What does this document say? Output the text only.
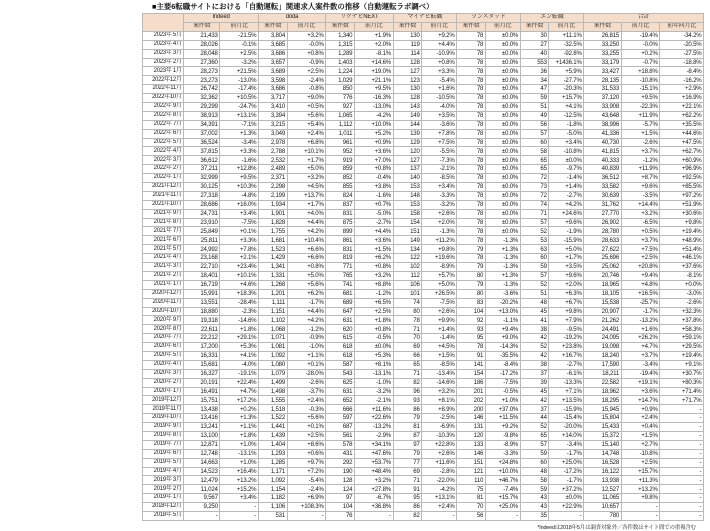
■主要6転職サイトにおける「自動運転」関連求人案件数の推移（自動運転ラボ調べ）
	Indeed		doda		リクナビNEXT		マイナビ転職		ランスタッド		エン転職		合計		
	案件数	前月比	案件数	前月比	案件数	前月比	案件数	前月比	案件数	前月比	案件数	前月比	案件数	前月比	前年同月比
2023年 5月	21,433	-21.5%	3,804	+3.2%	1,340	+1.9%	130	+9.2%	78	±0.0%	30	+11.1%	26,815	-19.4%	-34.2%
2023年 4月	28,026	-0.1%	3,685	-0.0%	1,315	+2.0%	119	+4.4%	78	±0.0%	27	-32.5%	33,250	-0.0%	-20.5%
2023年 3月	28,048	+2.5%	3,686	+0.8%	1,289	-8.1%	114	-10.9%	78	±0.0%	40	-92.8%	33,255	+0.2%	-27.5%
2023年 2月	27,360	-3.2%	3,657	-0.9%	1,403	+14.6%	128	+0.8%	78	±0.0%	553	+1436.1%	33,179	-0.7%	-18.8%
2023年 1月	28,273	+21.5%	3,689	+2.5%	1,224	+19.0%	127	+3.3%	78	±0.0%	36	+5.9%	33,427	+18.8%	-8.4%
2022年12月	23,273	-13.0%	3,598	-2.4%	1,029	+21.1%	123	-5.4%	78	±0.0%	34	-27.7%	28,135	-10.8%	-16.2%
2022年11月	26,742	-17.4%	3,686	-0.8%	850	+9.5%	130	+1.6%	78	±0.0%	47	-20.3%	31,533	-15.1%	+2.9%
2022年10月	32,362	+10.5%	3,717	+9.0%	776	-16.3%	128	-10.5%	78	±0.0%	59	+15.7%	37,120	+9.5%	+16.9%
2022年 9月	29,299	-24.7%	3,410	+0.5%	927	-13.0%	143	-4.0%	78	±0.0%	51	+4.1%	33,908	-22.3%	+22.1%
2022年 8月	38,913	+13.1%	3,394	+5.6%	1,065	-4.2%	149	+3.5%	78	±0.0%	49	-12.5%	43,648	+11.9%	+62.2%
2022年 7月	34,391	-7.1%	3,215	+5.4%	1,112	+10.0%	144	-3.6%	78	±0.0%	56	-1.8%	38,996	-5.7%	+35.5%
2022年 6月	37,002	+1.3%	3,049	+2.4%	1,011	+5.2%	139	+7.8%	78	±0.0%	57	-5.0%	41,336	+1.5%	+44.6%
2022年 5月	36,524	-3.4%	2,978	+6.8%	961	+0.9%	129	+7.5%	78	±0.0%	60	+3.4%	40,730	-2.6%	+47.5%
2022年 4月	37,815	+3.3%	2,788	+10.1%	952	+3.6%	120	-5.5%	78	±0.0%	58	-10.8%	41,815	+3.7%	+62.7%
2022年 3月	36,612	-1.6%	2,532	+1.7%	919	+7.0%	127	-7.3%	78	±0.0%	65	±0.0%	40,333	-1.2%	+60.9%
2022年 2月	37,211	+12.8%	2,489	+5.0%	859	+0.8%	137	-2.1%	78	±0.0%	65	-9.7%	40,839	+11.9%	+96.9%
2022年 1月	32,999	+9.5%	2,371	+3.2%	852	-0.4%	140	-8.5%	78	±0.0%	72	-1.4%	36,512	+8.7%	+92.5%
2021年12月	30,125	+10.3%	2,298	+4.5%	855	+3.8%	153	+3.4%	78	±0.0%	73	+1.4%	33,582	+9.6%	+85.5%
2021年11月	27,318	-4.8%	2,199	+13.7%	824	-1.6%	148	-3.3%	78	±0.0%	72	-2.7%	30,639	-3.5%	+97.2%
2021年10月	28,686	+16.0%	1,934	+1.7%	837	+0.7%	153	-3.2%	78	±0.0%	74	+4.2%	31,762	+14.4%	+51.9%
2021年 9月	24,731	+3.4%	1,901	+4.0%	831	-5.0%	158	+2.6%	78	±0.0%	71	+24.6%	27,770	+3.2%	+30.6%
2021年 8月	23,910	-7.5%	1,828	+4.4%	875	-2.7%	154	+2.0%	78	±0.0%	57	+9.6%	26,902	-6.5%	+9.8%
2021年 7月	25,849	+0.1%	1,755	+4.2%	899	+4.4%	151	-1.3%	78	±0.0%	52	-1.9%	28,780	+0.5%	+19.4%
2021年 6月	25,811	+3.3%	1,681	+10.4%	861	+3.6%	149	+11.2%	78	-1.3%	53	-15.9%	28,633	+3.7%	+48.9%
2021年 5月	24,992	+7.8%	1,523	+6.6%	831	+1.5%	134	+9.8%	79	+1.3%	63	+5.0%	27,622	+7.5%	+51.4%
2021年 4月	23,168	+2.1%	1,429	+6.6%	819	+6.2%	122	+19.6%	78	-1.3%	60	+1.7%	25,696	+2.5%	+46.1%
2021年 3月	22,710	+23.4%	1,341	+0.8%	771	+0.8%	102	-8.9%	79	-1.3%	59	+3.5%	25,062	+20.8%	+37.6%
2021年 2月	18,401	+10.1%	1,331	+5.0%	765	+3.2%	112	+5.7%	80	+1.3%	57	+9.6%	20,746	+9.4%	-8.1%
2021年 1月	16,719	+4.6%	1,268	+5.6%	741	+8.8%	106	+5.0%	79	-1.3%	52	+2.0%	18,965	+4.8%	+0.0%
2020年12月	15,991	+18.3%	1,201	+6.2%	681	-1.2%	101	+26.5%	80	-3.6%	51	+6.3%	18,105	+16.5%	-3.0%
2020年11月	13,551	-28.4%	1,111	-1.7%	689	+6.5%	74	-7.5%	83	-20.2%	48	+6.7%	15,538	-25.7%	-2.6%
2020年10月	18,880	-2.3%	1,151	+4.4%	647	+2.5%	80	+2.6%	104	+13.0%	45	+9.8%	20,907	-1.7%	+32.3%
2020年 9月	19,318	-14.6%	1,102	+4.2%	631	+1.8%	78	+9.9%	92	-1.1%	41	+7.9%	21,262	-13.2%	+37.8%
2020年 8月	22,611	+1.8%	1,068	-1.2%	620	+0.8%	71	+1.4%	93	+9.4%	38	-9.5%	24,491	+1.6%	+58.3%
2020年 7月	22,212	+29.1%	1,071	-0.9%	615	-0.5%	70	-1.4%	95	+9.0%	42	-19.2%	24,095	+26.2%	+59.1%
2020年 6月	17,200	+5.3%	1,081	-1.0%	618	±0.0%	69	+4.5%	78	-14.3%	52	+23.8%	19,098	+4.7%	+29.5%
2020年 5月	16,331	+4.1%	1,092	+1.1%	618	+5.3%	66	+1.5%	91	-35.5%	42	+16.7%	18,240	+3.7%	+19.4%
2020年 4月	15,681	-4.0%	1,080	+0.1%	587	+8.1%	65	-8.5%	141	-8.4%	38	-2.7%	17,590	-3.4%	+9.1%
2020年 3月	16,327	-19.1%	1,079	-28.0%	543	-13.1%	71	-13.4%	154	-17.2%	37	-6.1%	18,211	-19.4%	+30.7%
2020年 2月	20,191	+22.4%	1,499	-2.6%	625	-1.0%	82	-14.6%	186	-7.5%	39	-13.3%	22,582	+19.1%	+80.3%
2020年 1月	16,491	+4.7%	1,498	-3.7%	631	-3.2%	96	+3.2%	201	-0.5%	45	+7.1%	18,962	+3.6%	+71.4%
2019年12月	15,751	+17.2%	1,555	+2.4%	652	-2.1%	93	+8.1%	202	+1.0%	42	+13.5%	18,295	+14.7%	+71.7%
2019年11月	13,438	+0.2%	1,518	-0.3%	666	+11.6%	86	+8.9%	200	+37.0%	37	-15.9%	15,945	+0.9%	-
2019年10月	13,416	+1.3%	1,522	+5.6%	597	+22.6%	79	-2.5%	146	+11.5%	44	-15.4%	15,804	+2.4%	-
2019年 9月	13,241	+1.1%	1,441	+0.1%	687	-13.2%	81	-6.9%	131	+9.2%	52	-20.0%	15,433	+0.4%	-
2019年 8月	13,100	+1.8%	1,439	+2.5%	561	-2.9%	87	-10.3%	120	-9.8%	65	+14.0%	15,372	+1.5%	-
2019年 7月	12,871	+1.0%	1,404	+8.6%	578	+34.1%	97	+22.8%	133	-8.9%	57	-3.4%	15,140	+2.7%	-
2019年 6月	12,748	-13.1%	1,293	+0.6%	431	+47.6%	79	+2.6%	146	-3.3%	59	-1.7%	14,748	-10.8%	-
2019年 5月	14,663	+1.0%	1,285	+9.7%	292	+53.7%	77	+11.6%	151	+24.8%	60	+25.0%	16,528	+2.5%	-
2019年 4月	14,523	+16.4%	1,171	+7.2%	190	+48.4%	69	-2.8%	121	+10.0%	48	-17.2%	16,122	+15.7%	-
2019年 3月	12,479	+13.2%	1,092	-5.4%	128	+3.2%	71	-22.0%	110	+46.7%	58	-1.7%	13,938	+11.3%	-
2019年 2月	11,024	+15.2%	1,154	-2.4%	124	+27.8%	91	-4.2%	75	-7.4%	59	+37.2%	12,527	+13.2%	-
2019年 1月	9,567	+3.4%	1,182	+6.9%	97	-6.7%	95	+13.1%	81	+15.7%	43	±0.0%	11,065	+9.8%	-
2018年12月	9,250	-	1,106	+108.3%	104	+36.8%	86	+2.4%	70	+25.0%	43	+22.9%	10,657	-	-
2018年 5月	-	-	531	-	76	-	82	-	56	-	35	-	780	-	-
*Indeedは2018年5月は調査対象外／各件数はサイト間での重複含む
